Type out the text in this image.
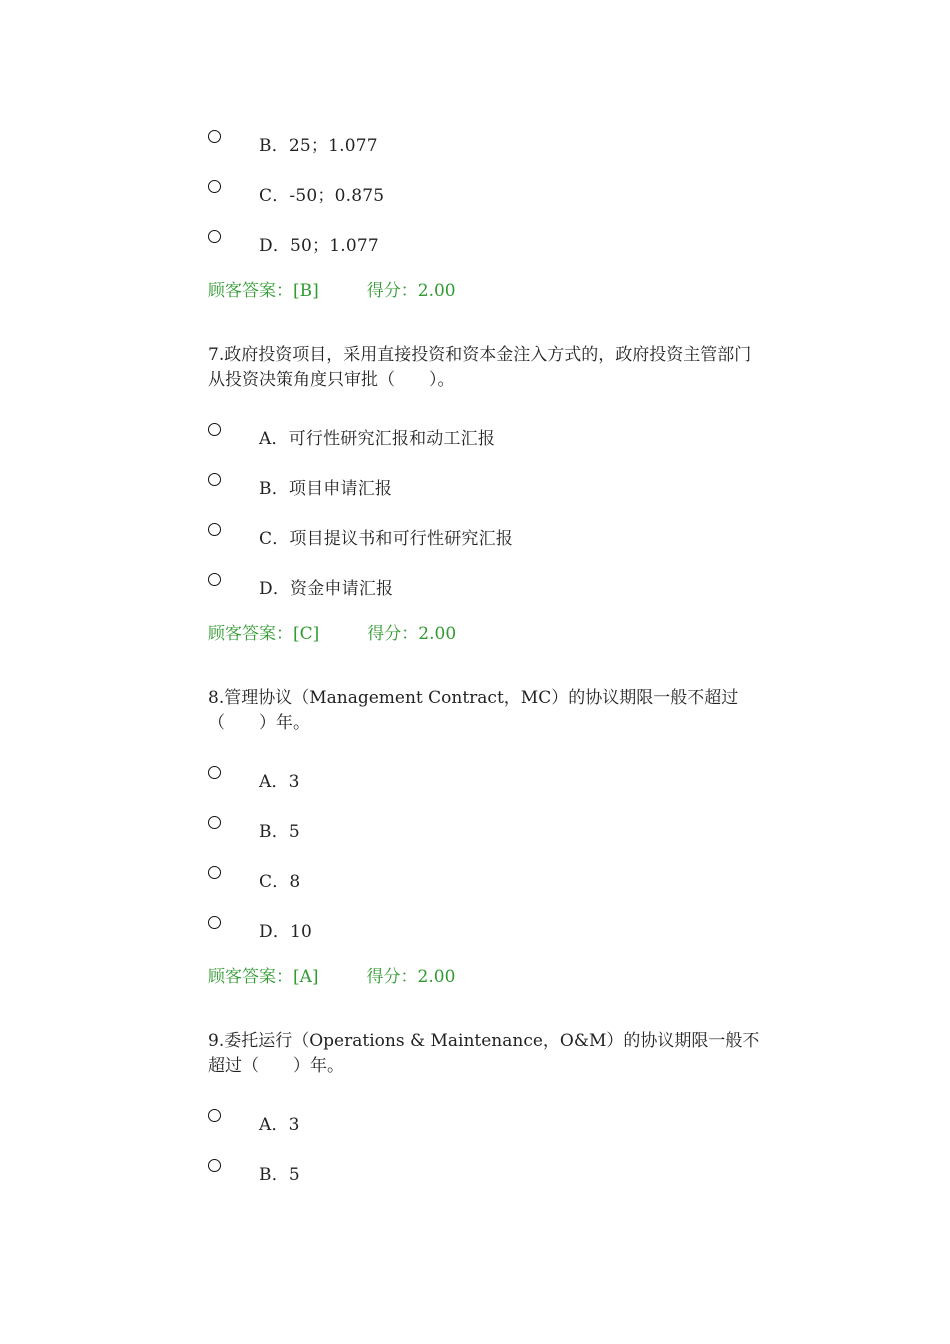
B．25；1.077
C．-50；0.875
D．50；1.077
顾客答案：[B]	得分：2.00
7.政府投资项目，采用直接投资和资本金注入方式的，政府投资主管部门从投资决策角度只审批（　　）。
A．可行性研究汇报和动工汇报
B．项目申请汇报
C．项目提议书和可行性研究汇报
D．资金申请汇报
顾客答案：[C]	得分：2.00
8.管理协议（Management Contract，MC）的协议期限一般不超过（　　）年。
A．3
B．5
C．8
D．10
顾客答案：[A]	得分：2.00
9.委托运行（Operations & Maintenance，O&M）的协议期限一般不超过（　　）年。
A．3
B．5
